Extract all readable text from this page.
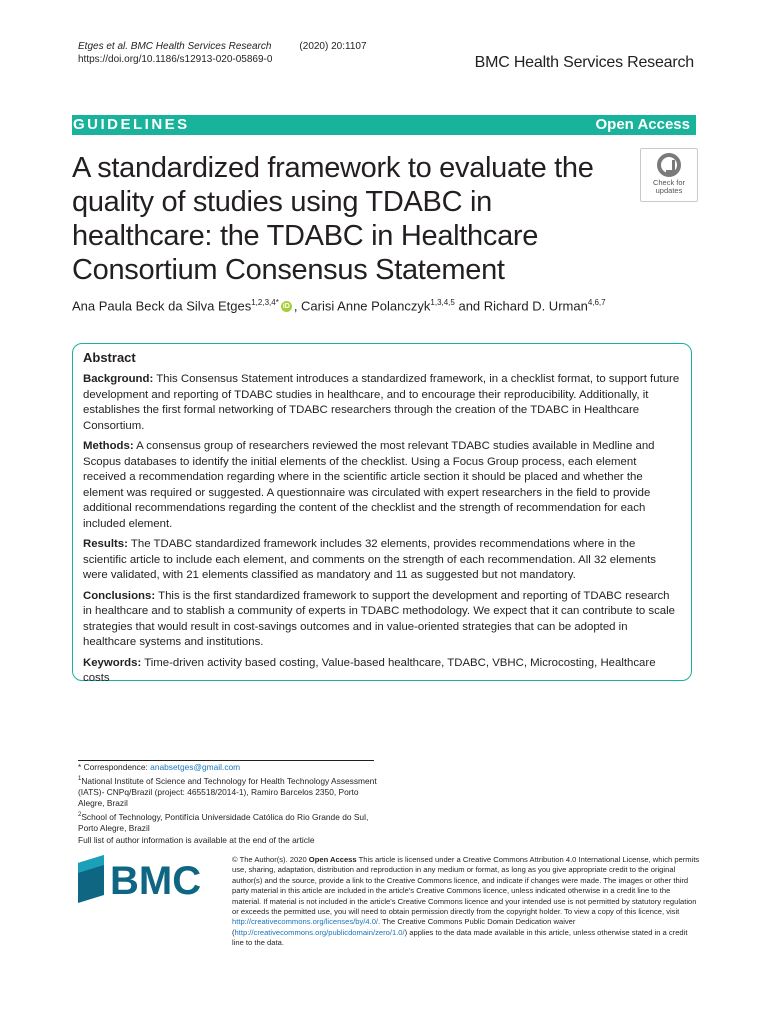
Etges et al. BMC Health Services Research	(2020) 20:1107
https://doi.org/10.1186/s12913-020-05869-0	BMC Health Services Research
GUIDELINES	Open Access
A standardized framework to evaluate the quality of studies using TDABC in healthcare: the TDABC in Healthcare Consortium Consensus Statement
Check for
updates
Ana Paula Beck da Silva Etges$^{1,2,3,4*}$ iD , Carisi Anne Polanczyk$^{1,3,4,5}$ and Richard D. Urman$^{4,6,7}$
Abstract

Background: This Consensus Statement introduces a standardized framework, in a checklist format, to support future development and reporting of TDABC studies in healthcare, and to encourage their reproducibility. Additionally, it establishes the first formal networking of TDABC researchers through the creation of the TDABC in Healthcare Consortium.

Methods: A consensus group of researchers reviewed the most relevant TDABC studies available in Medline and Scopus databases to identify the initial elements of the checklist. Using a Focus Group process, each element received a recommendation regarding where in the scientific article section it should be placed and whether the element was required or suggested. A questionnaire was circulated with expert researchers in the field to provide additional recommendations regarding the content of the checklist and the strength of recommendation for each included element.

Results: The TDABC standardized framework includes 32 elements, provides recommendations where in the scientific article to include each element, and comments on the strength of each recommendation. All 32 elements were validated, with 21 elements classified as mandatory and 11 as suggested but not mandatory.

Conclusions: This is the first standardized framework to support the development and reporting of TDABC research in healthcare and to stablish a community of experts in TDABC methodology. We expect that it can contribute to scale strategies that would result in cost-savings outcomes and in value-oriented strategies that can be adopted in healthcare systems and institutions.

Keywords: Time-driven activity based costing, Value-based healthcare, TDABC, VBHC, Microcosting, Healthcare costs

* Correspondence: anabsetges@gmail.com
$^1$National Institute of Science and Technology for Health Technology Assessment (IATS)- CNPq/Brazil (project: 465518/2014-1), Ramiro Barcelos 2350, Porto Alegre, Brazil
$^2$School of Technology, Pontifícia Universidade Católica do Rio Grande do Sul, Porto Alegre, Brazil
Full list of author information is available at the end of the article
BMC	© The Author(s). 2020 Open Access This article is licensed under a Creative Commons Attribution 4.0 International License, which permits use, sharing, adaptation, distribution and reproduction in any medium or format, as long as you give appropriate credit to the original author(s) and the source, provide a link to the Creative Commons licence, and indicate if changes were made. The images or other third party material in this article are included in the article's Creative Commons licence, unless indicated otherwise in a credit line to the material. If material is not included in the article's Creative Commons licence and your intended use is not permitted by statutory regulation or exceeds the permitted use, you will need to obtain permission directly from the copyright holder. To view a copy of this licence, visit http://creativecommons.org/licenses/by/4.0/. The Creative Commons Public Domain Dedication waiver (http://creativecommons.org/publicdomain/zero/1.0/) applies to the data made available in this article, unless otherwise stated in a credit line to the data.
